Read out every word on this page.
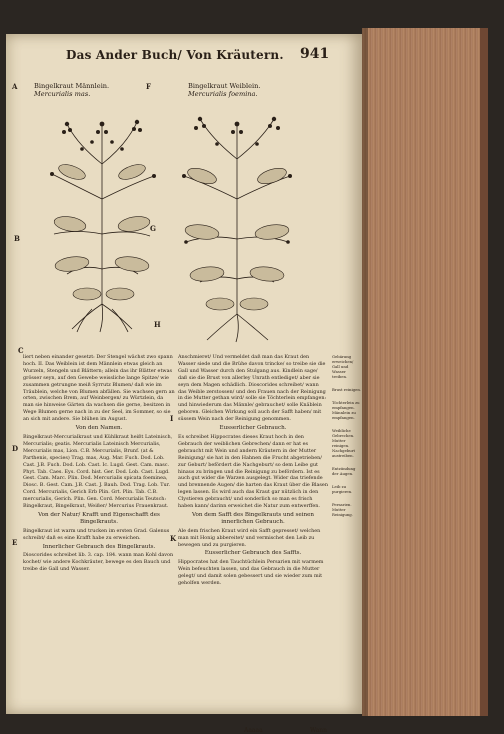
Das Ander Buch/ Von Kräutern.	941
Bingelkraut Männlein.
Mercurialis mas.
Bingelkraut Weiblein.
Mercurialis foemina.
A	F
B
G
C
H
D
I
E	K

liert neben einander gesetzt: Der Stengel wächst zwo spann hoch. II. Das Weiblein ist dem Männlein etwas gleich an Wurzeln, Stengeln und Blättern; allein das ihr Blätter etwas grösser seyn, auf den Gewebe weissliche lange Spitze/ wie zusammen getrungne meiß Syrrutz Blumen/ daß wie im Träublein, welche von Blumen abfällen. Sie wachsen gern an orten, zwischen Brem, auf Weinbergen/ zu Würtzlein, da man sie hinweise Gärten da wachsen die gerne, besitzen in Wege Blumen gerne nach in zu der Seel, im Sommer, so sie an sich mit andere. Sie blühen im August.

Von den Namen.

Bingelkraut-Mercurialkraut und Kühlkraut heißt Lateinisch, Mercurialis; geatis. Mercurialis Lateinisch Mercurialis, Mercurialis mas, Lion. C.B. Mercurialis, Brunf. (at & Parthenis, species) Trag. mas, Aug. Mar. Fuch. Dod. Lob. Cast. J.B. Fuch. Dod. Lob. Cast. Ic. Lugd. Gest. Cam. masc. Phyt. Tab. Caes. Eys. Cord. hist. Ger. Dod. Lob. Cast. Lugd. Gest. Cam. Marc. Plin. Dod. Mercurialis spicata foeminea, Diosc. B. Gest. Cam. J.B. Cast. J. Bauh. Dod. Trag. Lob. Tur. Cord. Mercurialis, Gerich Erb Plin. Grt. Plin. Tab. C.B. mercurialis, Gerich. Plin. Gen. Cord. Mercurialis Teutsch: Bingelkraut, Bingelkraut, Weißer/ Mercurius Frauenkraut.

Von der Natur/ Krafft und Eigenschafft des Bingelkrauts.

Bingelkraut ist warm und trucken im ersten Grad. Galenus schreibt/ daß es eine Krafft habe zu erweichen.

Innerlicher Gebrauch des Bingelkrauts.

Dioscorides schreibet lib. 3. cap. 184. wann man Kohl davon kochet/ wie andere Kochkräuter, bewege es den Bauch und treibe die Gall und Wasser.

Anschmieret/ Und vermeldet daß man das Kraut den Wasser siede und die Brühe davon trincke/ so treibe sie die Gall und Wasser durch den Stulgang aus. Kindlein sage/ daß sie die Brust von allerley Unrath entlediget/ aber sie seyn dem Magen schädlich. Dioscorides schreibet/ wann das Weible zerstossen/ und den Frauen nach der Reinigung in die Mutter gethan wird/ solle sie Töchterlein empfangen: und hinwiederum das Männle/ gebrauchet/ solle Knäblein geboren. Gleichen Wirkung soll auch der Safft haben/ mit süssem Wein nach der Reinigung genommen.

Eusserlicher Gebrauch.

Es schreibet Hippocrates dieses Kraut hoch in den Gebrauch der weiblichen Gebrechen/ dann er hat es gebraucht mit Wein und andern Kräutern in der Mutter Reinigung/ sie hat in den Hahnen die Frucht abgetrieben/ zur Geburt/ befördert die Nachgeburt/ so dem Leibe gut hinaus zu bringen und die Reinigung zu befördern. Ist es auch gut wider die Warzen ausgelegt. Wider das triefende und brennende Augen/ die harten das Kraut über die Blasen legen lassen. Es wird auch das Kraut gar nützlich in den Clystieren gebraucht/ und sonderlich so man es frisch haben kann/ darinn erweichet die Natur zum entwerffen.

Von dem Safft des Bingelkrauts und seinen innerlichen Gebrauch.

Ale dem frischen Kraut wird ein Safft gepresset/ welchen man mit Honig abbereitet/ und vermischet den Leib zu bewegen und zu purgieren.

Eusserlicher Gebrauch des Saffts.

Hippocrates hat den Tauchtüchlein Persarien mit warmem Wein befeuchten lassen, und das Gebrauch in die Mutter gelegt/ und damit solen gebessert und sie wieder zum mit geholfen werden.

Gebärung erweichen/ Gall und Wasser treiben.
Brust reinigen.
Töchterlein zu empfangen. Männlein zu empfangen.
Weibliche Gebrechen. Mutter reinigen. Nachgeburt austreiben.
Entzündung der Augen.
Leib zu purgieren.
Persarien. Mutter Reinigung.
Aaaaa	Wann
